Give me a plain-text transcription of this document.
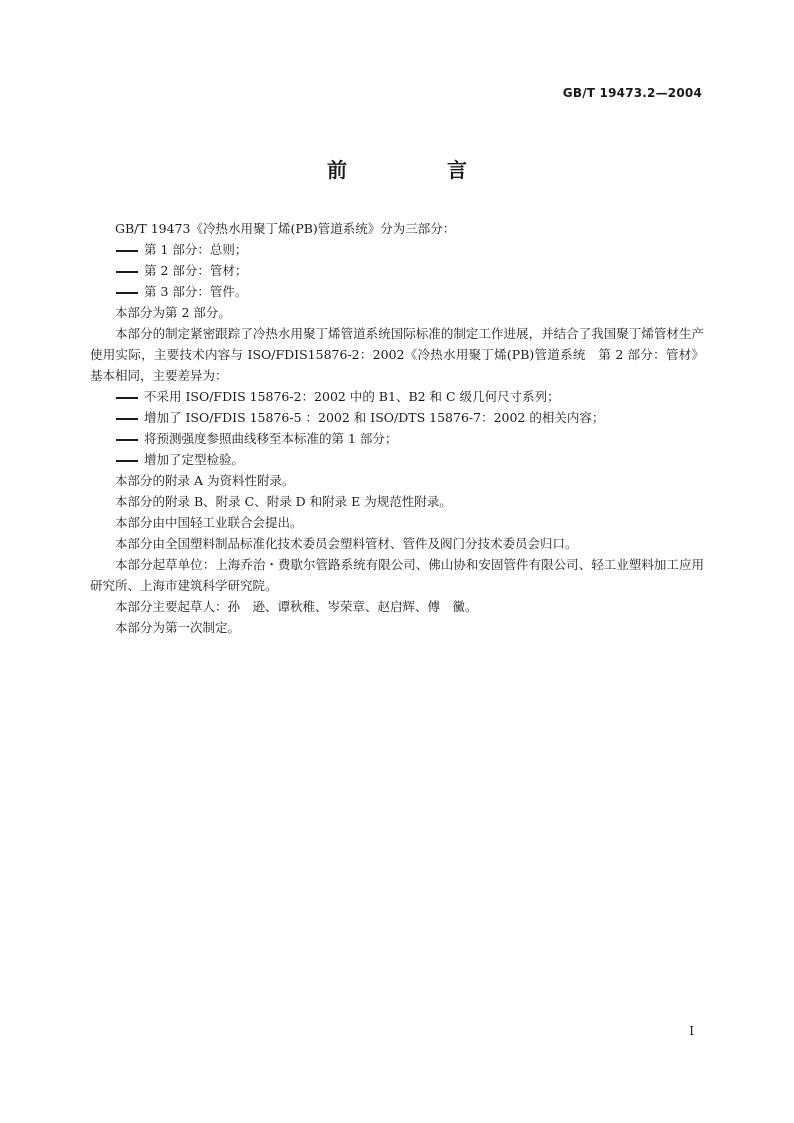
GB/T 19473.2—2004
前　言

GB/T 19473《冷热水用聚丁烯(PB)管道系统》分为三部分：

第 1 部分：总则；

第 2 部分：管材；

第 3 部分：管件。

本部分为第 2 部分。

本部分的制定紧密跟踪了冷热水用聚丁烯管道系统国际标准的制定工作进展，并结合了我国聚丁烯管材生产使用实际，主要技术内容与 ISO/FDIS15876-2：2002《冷热水用聚丁烯(PB)管道系统　第 2 部分：管材》基本相同，主要差异为：

不采用 ISO/FDIS 15876-2：2002 中的 B1、B2 和 C 级几何尺寸系列；

增加了 ISO/FDIS 15876-5 ：2002 和 ISO/DTS 15876-7：2002 的相关内容；

将预测强度参照曲线移至本标准的第 1 部分；

增加了定型检验。

本部分的附录 A 为资料性附录。

本部分的附录 B、附录 C、附录 D 和附录 E 为规范性附录。

本部分由中国轻工业联合会提出。

本部分由全国塑料制品标准化技术委员会塑料管材、管件及阀门分技术委员会归口。

本部分起草单位：上海乔治・费歇尔管路系统有限公司、佛山协和安固管件有限公司、轻工业塑料加工应用研究所、上海市建筑科学研究院。

本部分主要起草人：孙　逊、谭秋稚、岑荣章、赵启辉、傅　黴。

本部分为第一次制定。

I
